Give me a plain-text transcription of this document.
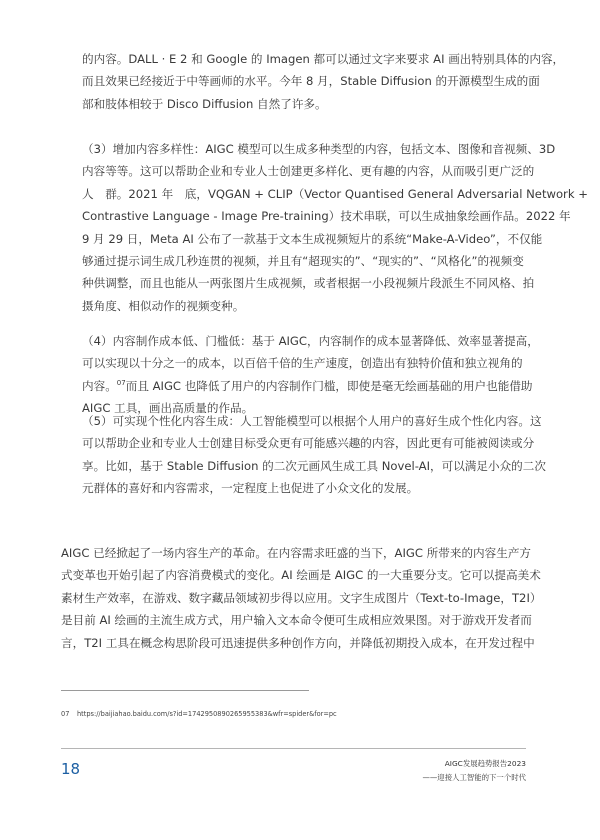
的内容。DALL · E 2 和 Google 的 Imagen 都可以通过文字来要求 AI 画出特别具体的内容，
而且效果已经接近于中等画师的水平。今年 8 月，Stable Diffusion 的开源模型生成的面
部和肢体相较于 Disco Diffusion 自然了许多。
（3）增加内容多样性：AIGC 模型可以生成多种类型的内容，包括文本、图像和音视频、3D
内容等等。这可以帮助企业和专业人士创建更多样化、更有趣的内容，从而吸引更广泛的
人　群。2021 年　底，VQGAN + CLIP（Vector Quantised General Adversarial Network +
Contrastive Language - Image Pre-training）技术串联，可以生成抽象绘画作品。2022 年
9 月 29 日，Meta AI 公布了一款基于文本生成视频短片的系统“Make-A-Video”，不仅能
够通过提示词生成几秒连贯的视频，并且有“超现实的”、“现实的”、“风格化”的视频变
种供调整，而且也能从一两张图片生成视频，或者根据一小段视频片段派生不同风格、拍
摄角度、相似动作的视频变种。
（4）内容制作成本低、门槛低：基于 AIGC，内容制作的成本显著降低、效率显著提高，
可以实现以十分之一的成本，以百倍千倍的生产速度，创造出有独特价值和独立视角的
内容。$^{07}$而且 AIGC 也降低了用户的内容制作门槛，即使是毫无绘画基础的用户也能借助
AIGC 工具，画出高质量的作品。
（5）可实现个性化内容生成：人工智能模型可以根据个人用户的喜好生成个性化内容。这
可以帮助企业和专业人士创建目标受众更有可能感兴趣的内容，因此更有可能被阅读或分
享。比如，基于 Stable Diffusion 的二次元画风生成工具 Novel-AI，可以满足小众的二次
元群体的喜好和内容需求，一定程度上也促进了小众文化的发展。
AIGC 已经掀起了一场内容生产的革命。在内容需求旺盛的当下，AIGC 所带来的内容生产方
式变革也开始引起了内容消费模式的变化。AI 绘画是 AIGC 的一大重要分支。它可以提高美术
素材生产效率，在游戏、数字藏品领域初步得以应用。文字生成图片（Text-to-Image，T2I）
是目前 AI 绘画的主流生成方式，用户输入文本命令便可生成相应效果图。对于游戏开发者而
言，T2I 工具在概念构思阶段可迅速提供多种创作方向，并降低初期投入成本，在开发过程中
07 https://baijiahao.baidu.com/s?id=1742950890265955383&wfr=spider&for=pc
18	AIGC发展趋势报告2023
——迎接人工智能的下一个时代
